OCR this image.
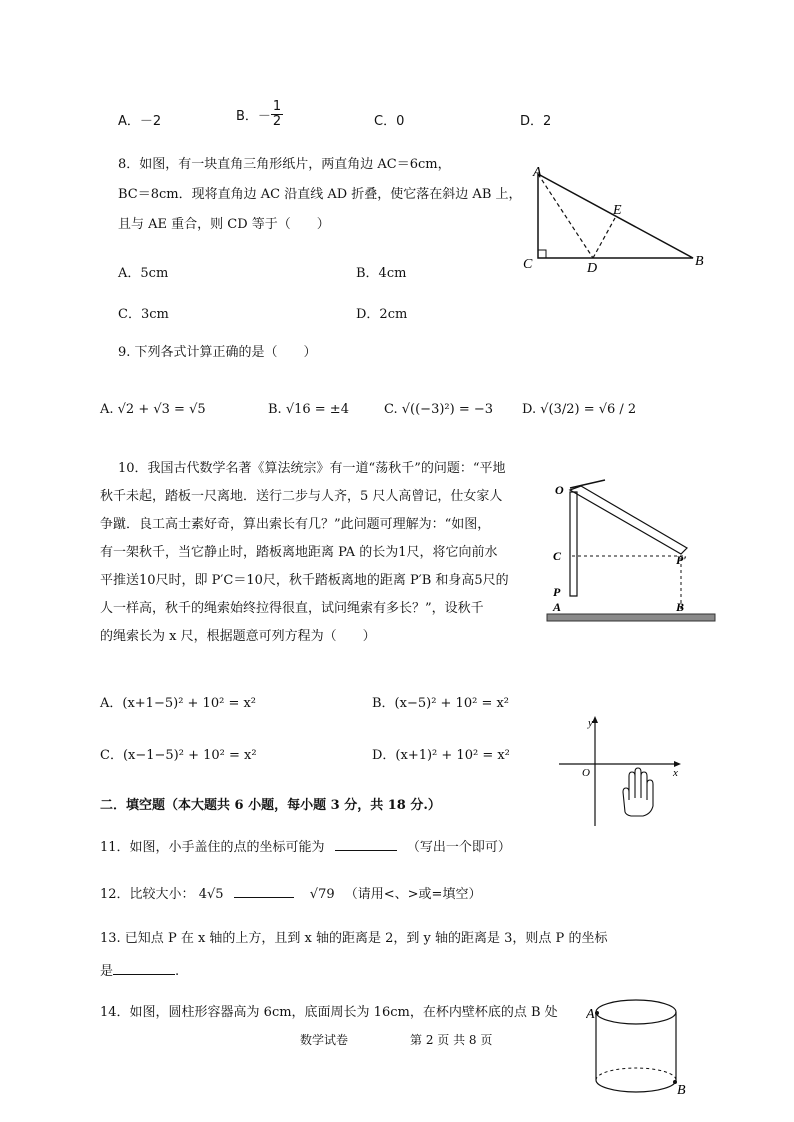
A．－2	B．－ $\frac{1}{2}$	C．0	D．2
8．如图，有一块直角三角形纸片，两直角边 AC＝6cm，
BC＝8cm．现将直角边 AC 沿直线 AD 折叠，使它落在斜边 AB 上，
且与 AE 重合，则 CD 等于（　　）
A．5cm	B．4cm
C．3cm	D．2cm
A
C	D
E
B
9. 下列各式计算正确的是（　　）
A. √2 + √3 = √5	B. √16 = ±4	C. √((−3)²) = −3 D. √(3/2) = √6 / 2
10．我国古代数学名著《算法统宗》有一道“荡秋千”的问题：“平地
秋千未起，踏板一尺离地．送行二步与人齐，5 尺人高曾记，仕女家人
争蹴．良工高士素好奇，算出索长有几？”此问题可理解为：“如图，
有一架秋千，当它静止时，踏板离地距离 PA 的长为1尺，将它向前水
平推送10尺时，即 P′C＝10尺，秋千踏板离地的距离 P′B 和身高5尺的
人一样高，秋千的绳索始终拉得很直，试问绳索有多长？”，设秋千
的绳索长为 x 尺，根据题意可列方程为（　　）
O
C
P
A
P′
B
A．(x+1−5)² + 10² = x²	B．(x−5)² + 10² = x²
C．(x−1−5)² + 10² = x²	D．(x+1)² + 10² = x²
y
x
O
二．填空题（本大题共 6 小题，每小题 3 分，共 18 分.）
11．如图，小手盖住的点的坐标可能为	（写出一个即可）
12．比较大小： 4√5	√79 （请用<、>或=填空）
13. 已知点 P 在 x 轴的上方，且到 x 轴的距离是 2，到 y 轴的距离是 3，则点 P 的坐标
是	.
14．如图，圆柱形容器高为 6cm，底面周长为 16cm，在杯内壁杯底的点 B 处 A
B
数学试卷	第 2 页 共 8 页
